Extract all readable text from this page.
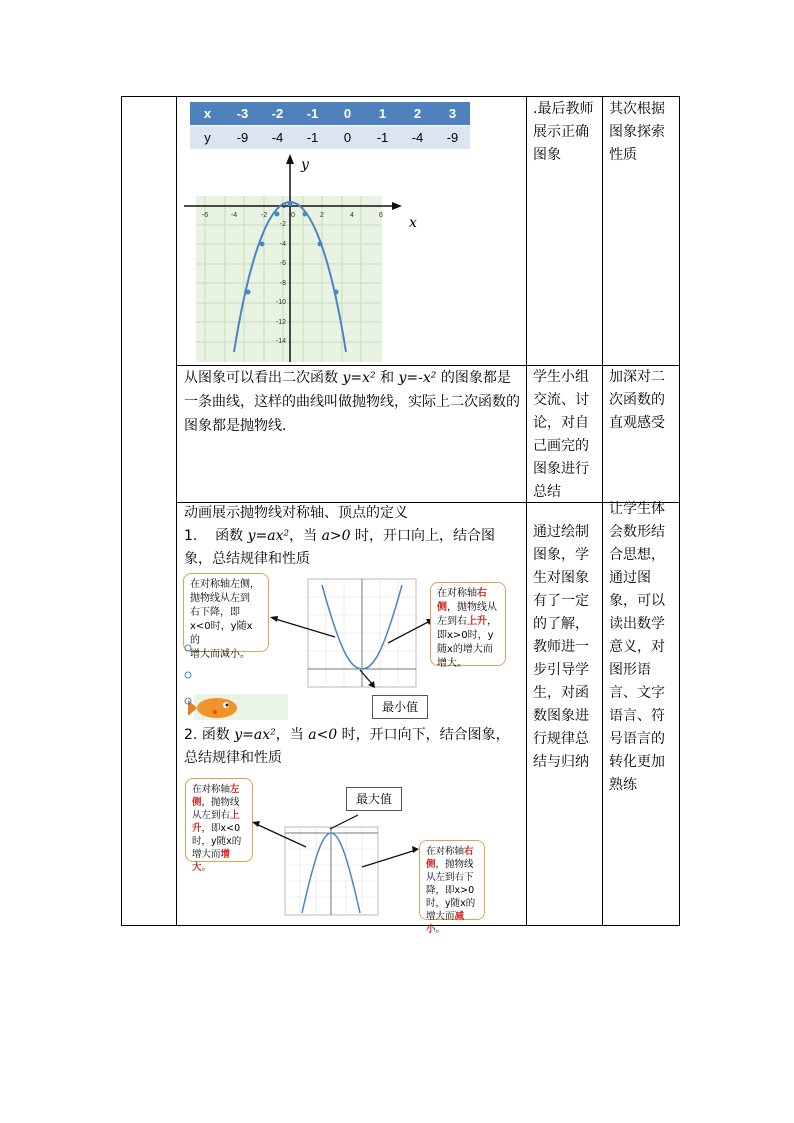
x	-3	-2	-1	0	1	2	3
y	-9	-4	-1	0	-1	-4	-9
x
y
-6	-4	-2	0	2	4	6
0
-2
-4
-6
-8
-10
-12
-14
.最后教师展示正确图象
其次根据图象探索性质
从图象可以看出二次函数 y=x² 和 y=-x² 的图象都是一条曲线，这样的曲线叫做抛物线，实际上二次函数的图象都是抛物线.
学生小组交流、讨论，对自己画完的图象进行总结
加深对二次函数的直观感受
动画展示抛物线对称轴、顶点的定义
1. 函数 y=ax²，当 a>0 时，开口向上，结合图象，总结规律和性质
在对称轴左侧，
抛物线从左到
右下降，即
x<0时，y随x的
增大而减小。
在对称轴右侧，抛物线从左到右上升，即x>0时，y随x的增大而增大。
最小值
2. 函数 y=ax²，当 a<0 时，开口向下，结合图象，总结规律和性质
在对称轴左侧，抛物线从左到右上升，即x<0时，y随x的增大而增大。
最大值
在对称轴右侧，抛物线从左到右下降，即x>0时，y随x的增大而减小。
通过绘制图象，学生对图象有了一定的了解，教师进一步引导学生，对函数图象进行规律总结与归纳
让学生体会数形结合思想，通过图象，可以读出数学意义，对图形语言、文字语言、符号语言的转化更加熟练
